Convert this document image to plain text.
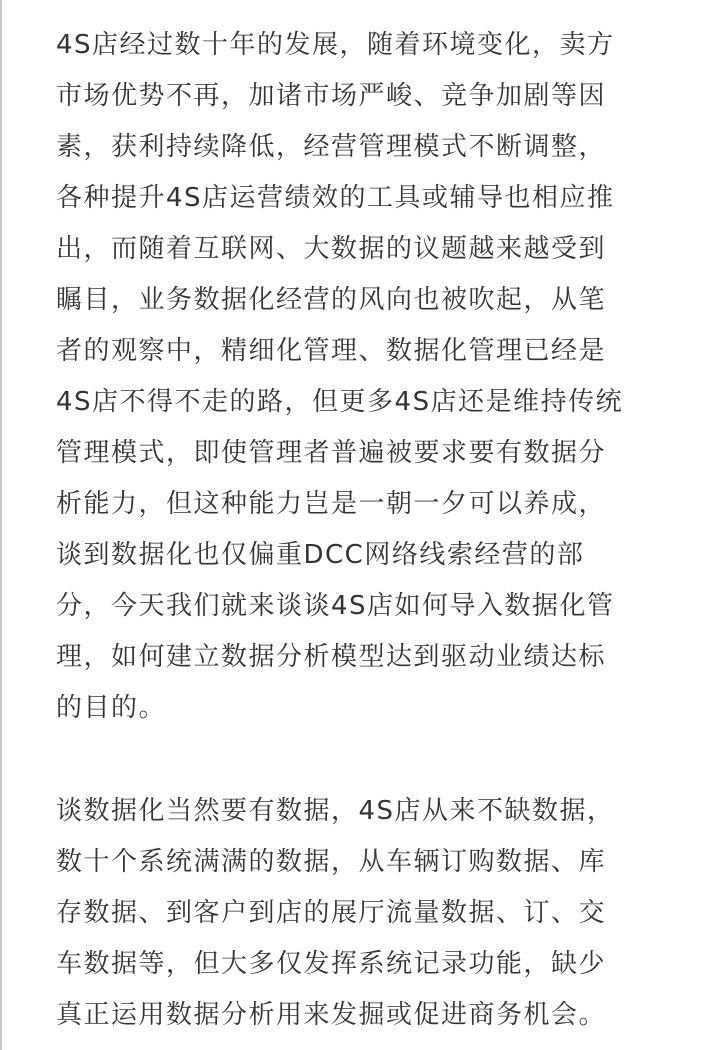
4S店经过数十年的发展，随着环境变化，卖方
市场优势不再，加诸市场严峻、竞争加剧等因
素，获利持续降低，经营管理模式不断调整，
各种提升4S店运营绩效的工具或辅导也相应推
出，而随着互联网、大数据的议题越来越受到
瞩目，业务数据化经营的风向也被吹起，从笔
者的观察中，精细化管理、数据化管理已经是
4S店不得不走的路，但更多4S店还是维持传统
管理模式，即使管理者普遍被要求要有数据分
析能力，但这种能力岂是一朝一夕可以养成，
谈到数据化也仅偏重DCC网络线索经营的部
分，今天我们就来谈谈4S店如何导入数据化管
理，如何建立数据分析模型达到驱动业绩达标
的目的。
谈数据化当然要有数据，4S店从来不缺数据，
数十个系统满满的数据，从车辆订购数据、库
存数据、到客户到店的展厅流量数据、订、交
车数据等，但大多仅发挥系统记录功能，缺少
真正运用数据分析用来发掘或促进商务机会。
